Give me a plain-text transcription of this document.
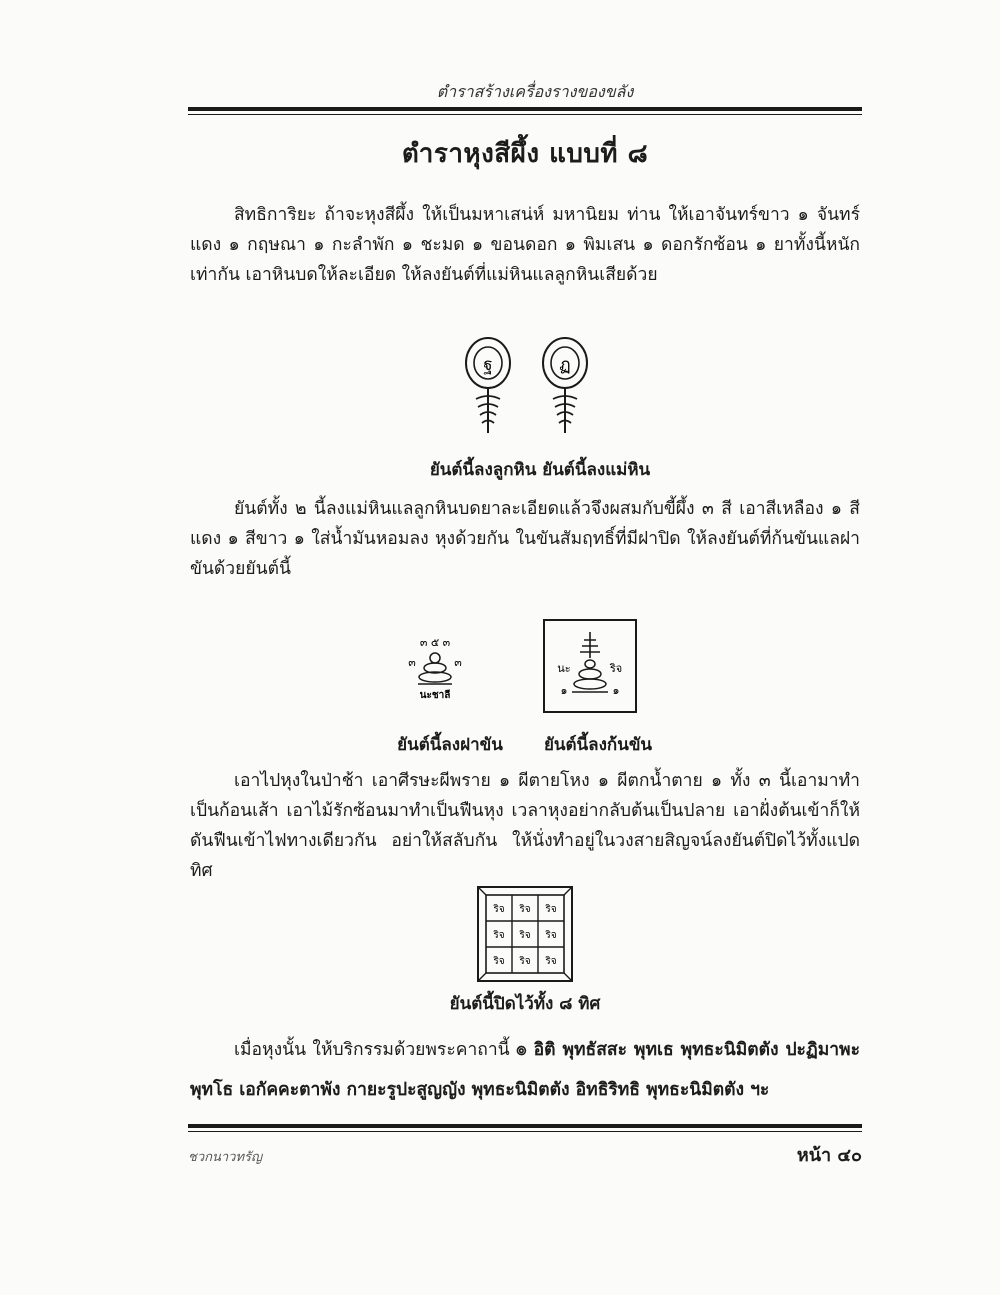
ตำราสร้างเครื่องรางของขลัง
ตำราหุงสีผึ้ง แบบที่ ๘

สิทธิการิยะ ถ้าจะหุงสีผึ้ง ให้เป็นมหาเสน่ห์ มหานิยม ท่าน ให้เอาจันทร์ขาว ๑ จันทร์แดง ๑ กฤษณา ๑ กะลำพัก ๑ ชะมด ๑ ขอนดอก ๑ พิมเสน ๑ ดอกรักซ้อน ๑ ยาทั้งนี้หนักเท่ากัน เอาหินบดให้ละเอียด ให้ลงยันต์ที่แม่หินแลลูกหินเสียด้วย

ฐ	ฏ
ยันต์นี้ลงลูกหิน ยันต์นี้ลงแม่หิน

ยันต์ทั้ง ๒ นี้ลงแม่หินแลลูกหินบดยาละเอียดแล้วจึงผสมกับขี้ผึ้ง ๓ สี เอาสีเหลือง ๑ สีแดง ๑ สีขาว ๑ ใส่น้ำมันหอมลง หุงด้วยกัน ในขันสัมฤทธิ์ที่มีฝาปิด ให้ลงยันต์ที่ก้นขันแลฝาขันด้วยยันต์นี้

๓ ๕ ๓
๓	๓
นะชาลี
นะ	ริจ
๑	๑
ยันต์นี้ลงฝาขัน	ยันต์นี้ลงก้นขัน

เอาไปหุงในป่าช้า เอาศีรษะผีพราย ๑ ผีตายโหง ๑ ผีตกน้ำตาย ๑ ทั้ง ๓ นี้เอามาทำเป็นก้อนเส้า เอาไม้รักซ้อนมาทำเป็นฟืนหุง เวลาหุงอย่ากลับต้นเป็นปลาย เอาฝั่งต้นเข้าก็ให้ดันฟืนเข้าไฟทางเดียวกัน อย่าให้สลับกัน ให้นั่งทำอยู่ในวงสายสิญจน์ลงยันต์ปิดไว้ทั้งแปดทิศ

ริจ ริจ ริจ
ริจ ริจ ริจ
ริจ ริจ ริจ
ยันต์นี้ปิดไว้ทั้ง ๘ ทิศ

เมื่อหุงนั้น ให้บริกรรมด้วยพระคาถานี้ ๏ อิติ พุทธัสสะ พุทเธ พุทธะนิมิตตัง ปะฏิมาพะ พุทโธ เอกัคคะตาพัง กายะรูปะสูญญัง พุทธะนิมิตตัง อิทธิริทธิ พุทธะนิมิตตัง ฯะ

ชวกนาวทรัญ	หน้า ๔๐
